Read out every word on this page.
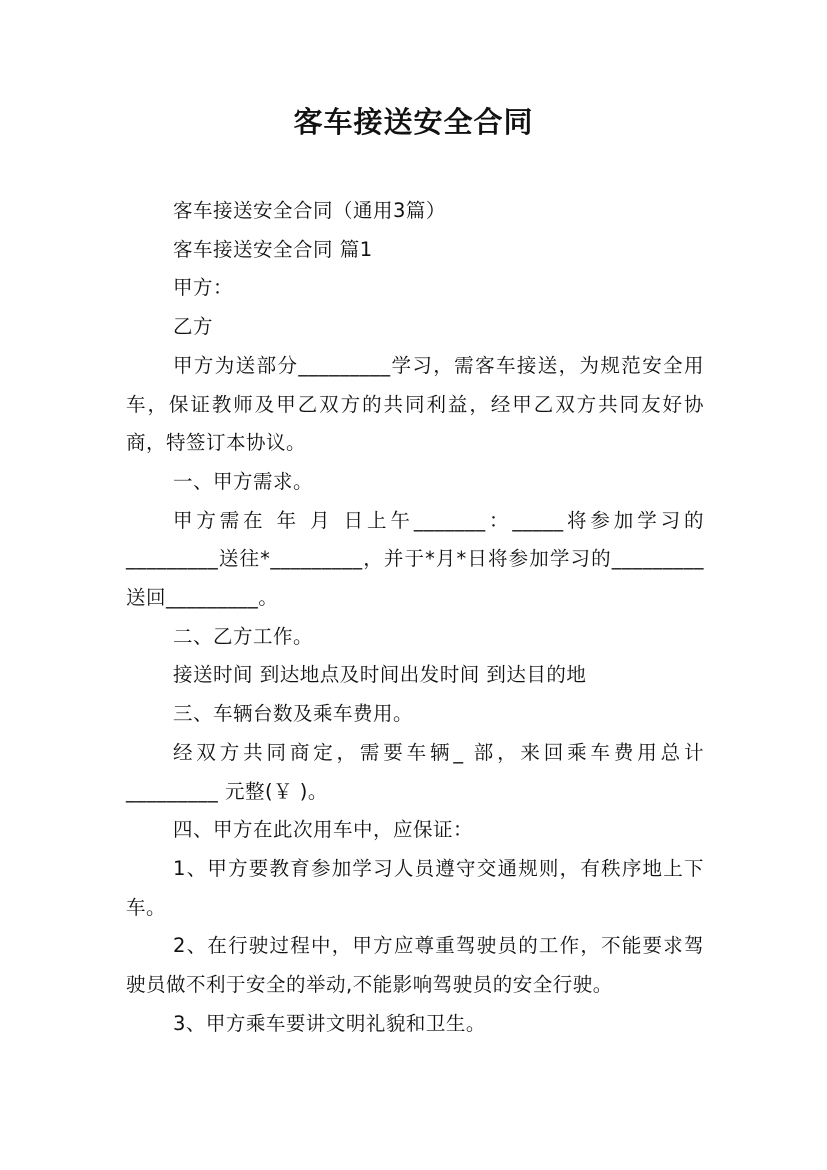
客车接送安全合同

客车接送安全合同（通用3篇）

客车接送安全合同 篇1

甲方：

乙方

甲方为送部分_________学习，需客车接送，为规范安全用车，保证教师及甲乙双方的共同利益，经甲乙双方共同友好协商，特签订本协议。

一、甲方需求。

甲方需在 年 月 日上午_______：_____将参加学习的_________送往*_________，并于*月*日将参加学习的_________送回_________。

二、乙方工作。

接送时间 到达地点及时间出发时间 到达目的地

三、车辆台数及乘车费用。

经双方共同商定，需要车辆_ 部，来回乘车费用总计_________ 元整(￥ )。

四、甲方在此次用车中，应保证：

1、甲方要教育参加学习人员遵守交通规则，有秩序地上下车。

2、在行驶过程中，甲方应尊重驾驶员的工作，不能要求驾驶员做不利于安全的举动,不能影响驾驶员的安全行驶。

3、甲方乘车要讲文明礼貌和卫生。
